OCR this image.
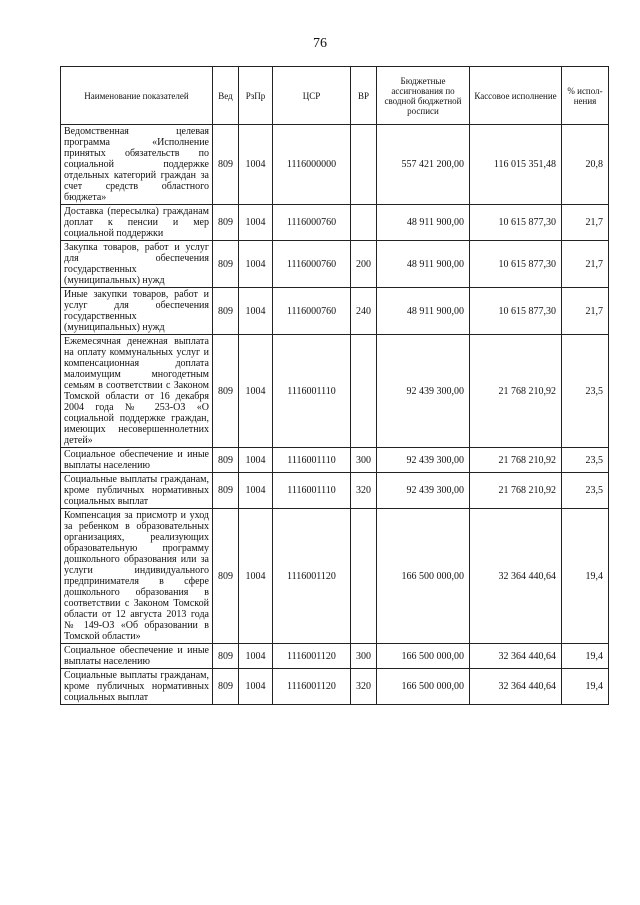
76
Наименование показателей	Вед	РзПр	ЦСР	ВР	Бюджетные ассигнования по сводной бюджетной росписи	Кассовое исполнение	% испол-нения
Ведомственная целевая программа «Исполнение принятых обязательств по социальной поддержке отдельных категорий граждан за счет средств областного бюджета»	809	1004	1116000000		557 421 200,00	116 015 351,48	20,8
Доставка (пересылка) гражданам доплат к пенсии и мер социальной поддержки	809	1004	1116000760		48 911 900,00	10 615 877,30	21,7
Закупка товаров, работ и услуг для обеспечения государственных (муниципальных) нужд	809	1004	1116000760	200	48 911 900,00	10 615 877,30	21,7
Иные закупки товаров, работ и услуг для обеспечения государственных (муниципальных) нужд	809	1004	1116000760	240	48 911 900,00	10 615 877,30	21,7
Ежемесячная денежная выплата на оплату коммунальных услуг и компенсационная доплата малоимущим многодетным семьям в соответствии с Законом Томской области от 16 декабря 2004 года № 253-ОЗ «О социальной поддержке граждан, имеющих несовершеннолетних детей»	809	1004	1116001110		92 439 300,00	21 768 210,92	23,5
Социальное обеспечение и иные выплаты населению	809	1004	1116001110	300	92 439 300,00	21 768 210,92	23,5
Социальные выплаты гражданам, кроме публичных нормативных социальных выплат	809	1004	1116001110	320	92 439 300,00	21 768 210,92	23,5
Компенсация за присмотр и уход за ребенком в образовательных организациях, реализующих образовательную программу дошкольного образования или за услуги индивидуального предпринимателя в сфере дошкольного образования в соответствии с Законом Томской области от 12 августа 2013 года № 149-ОЗ «Об образовании в Томской области»	809	1004	1116001120		166 500 000,00	32 364 440,64	19,4
Социальное обеспечение и иные выплаты населению	809	1004	1116001120	300	166 500 000,00	32 364 440,64	19,4
Социальные выплаты гражданам, кроме публичных нормативных социальных выплат	809	1004	1116001120	320	166 500 000,00	32 364 440,64	19,4
